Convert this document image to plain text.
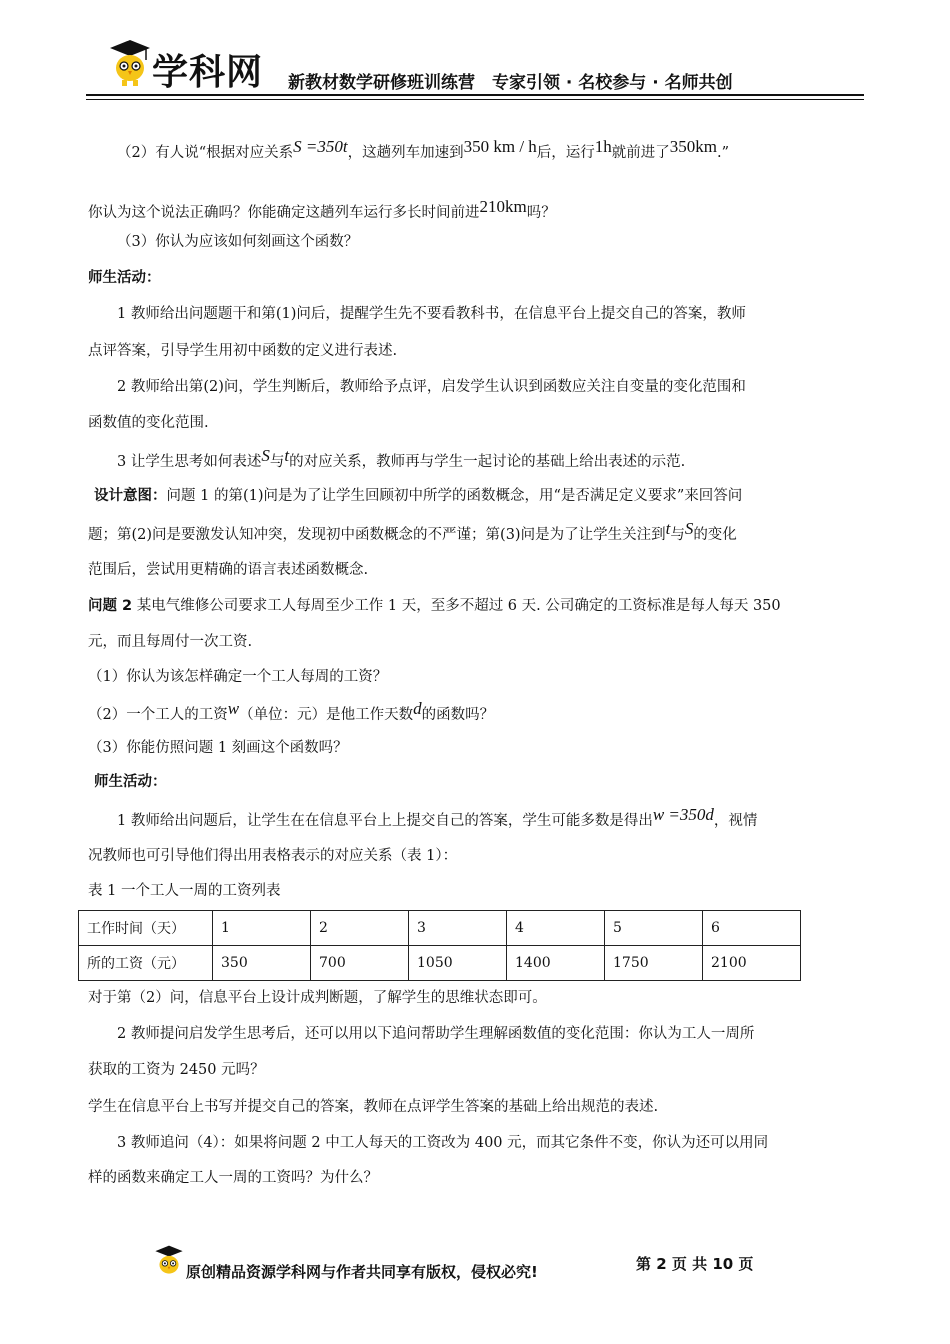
学科网 新教材数学研修班训练营　专家引领 · 名校参与 · 名师共创
（2）有人说“根据对应关系S =350t，这趟列车加速到350 km / h后，运行1h就前进了350km.”
你认为这个说法正确吗？你能确定这趟列车运行多长时间前进210km吗？
（3）你认为应该如何刻画这个函数？
师生活动：
1 教师给出问题题干和第(1)问后，提醒学生先不要看教科书，在信息平台上提交自己的答案，教师
点评答案，引导学生用初中函数的定义进行表述.
2 教师给出第(2)问，学生判断后，教师给予点评，启发学生认识到函数应关注自变量的变化范围和
函数值的变化范围.
3 让学生思考如何表述S与t的对应关系，教师再与学生一起讨论的基础上给出表述的示范.
设计意图：问题 1 的第(1)问是为了让学生回顾初中所学的函数概念，用“是否满足定义要求”来回答问
题；第(2)问是要激发认知冲突，发现初中函数概念的不严谨；第(3)问是为了让学生关注到t与S的变化
范围后，尝试用更精确的语言表述函数概念.
问题 2 某电气维修公司要求工人每周至少工作 1 天，至多不超过 6 天. 公司确定的工资标准是每人每天 350
元，而且每周付一次工资.
（1）你认为该怎样确定一个工人每周的工资？
（2）一个工人的工资w（单位：元）是他工作天数d的函数吗？
（3）你能仿照问题 1 刻画这个函数吗？
师生活动：
1 教师给出问题后，让学生在在信息平台上上提交自己的答案，学生可能多数是得出w =350d，视情
况教师也可引导他们得出用表格表示的对应关系（表 1）：
表 1 一个工人一周的工资列表
工作时间（天）	1	2	3	4	5	6
所的工资（元）	350	700	1050	1400	1750	2100
对于第（2）问，信息平台上设计成判断题，了解学生的思维状态即可。
2 教师提问启发学生思考后，还可以用以下追问帮助学生理解函数值的变化范围：你认为工人一周所
获取的工资为 2450 元吗？
学生在信息平台上书写并提交自己的答案，教师在点评学生答案的基础上给出规范的表述.
3 教师追问（4）：如果将问题 2 中工人每天的工资改为 400 元，而其它条件不变，你认为还可以用同
样的函数来确定工人一周的工资吗？为什么？
原创精品资源学科网与作者共同享有版权，侵权必究!	第 2 页 共 10 页
